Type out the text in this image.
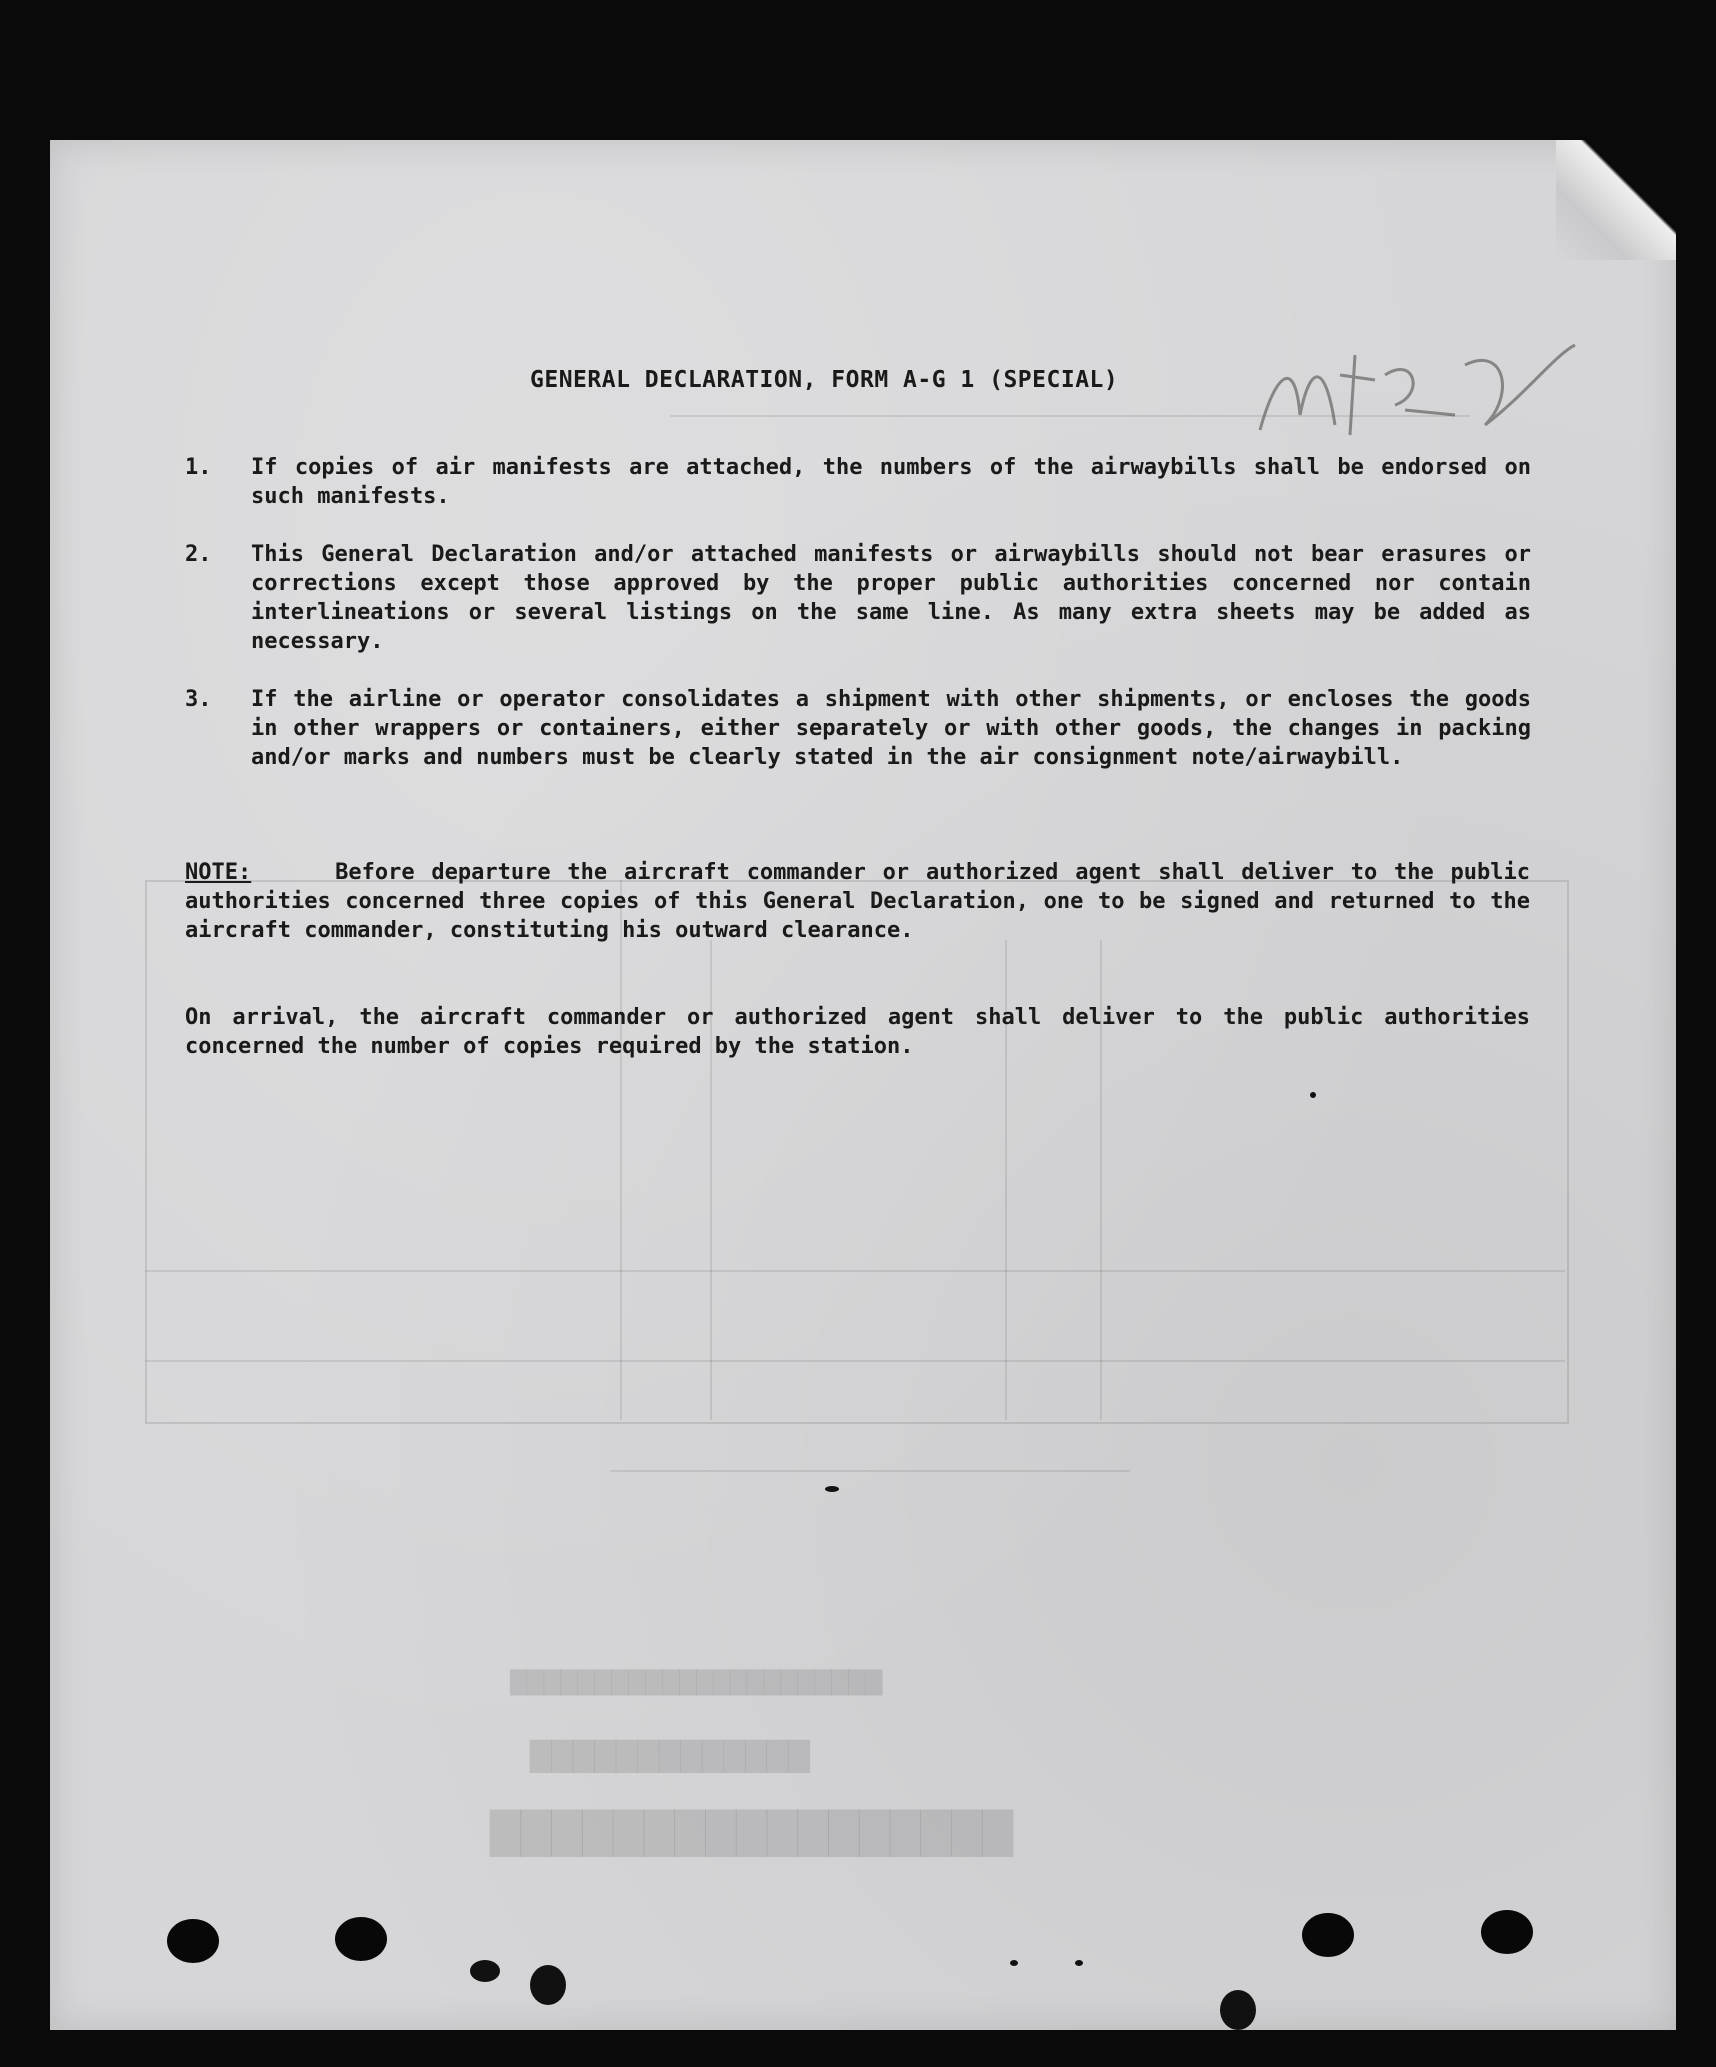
█████████████████
█████████████
██████████████████████
GENERAL DECLARATION, FORM A-G 1 (SPECIAL)
1.	If copies of air manifests are attached, the numbers of the airwaybills shall be endorsed on such manifests.
2.	This General Declaration and/or attached manifests or airwaybills should not bear erasures or corrections except those approved by the proper public authorities concerned nor contain interlineations or several listings on the same line. As many extra sheets may be added as necessary.
3.	If the airline or operator consolidates a shipment with other shipments, or encloses the goods in other wrappers or containers, either separately or with other goods, the changes in packing and/or marks and numbers must be clearly stated in the air consignment note/airwaybill.
NOTE:	Before departure the aircraft commander or authorized agent shall deliver to the public authorities concerned three copies of this General Declaration, one to be signed and returned to the aircraft commander, constituting his outward clearance.
On arrival, the aircraft commander or authorized agent shall deliver to the public authorities concerned the number of copies required by the station.
